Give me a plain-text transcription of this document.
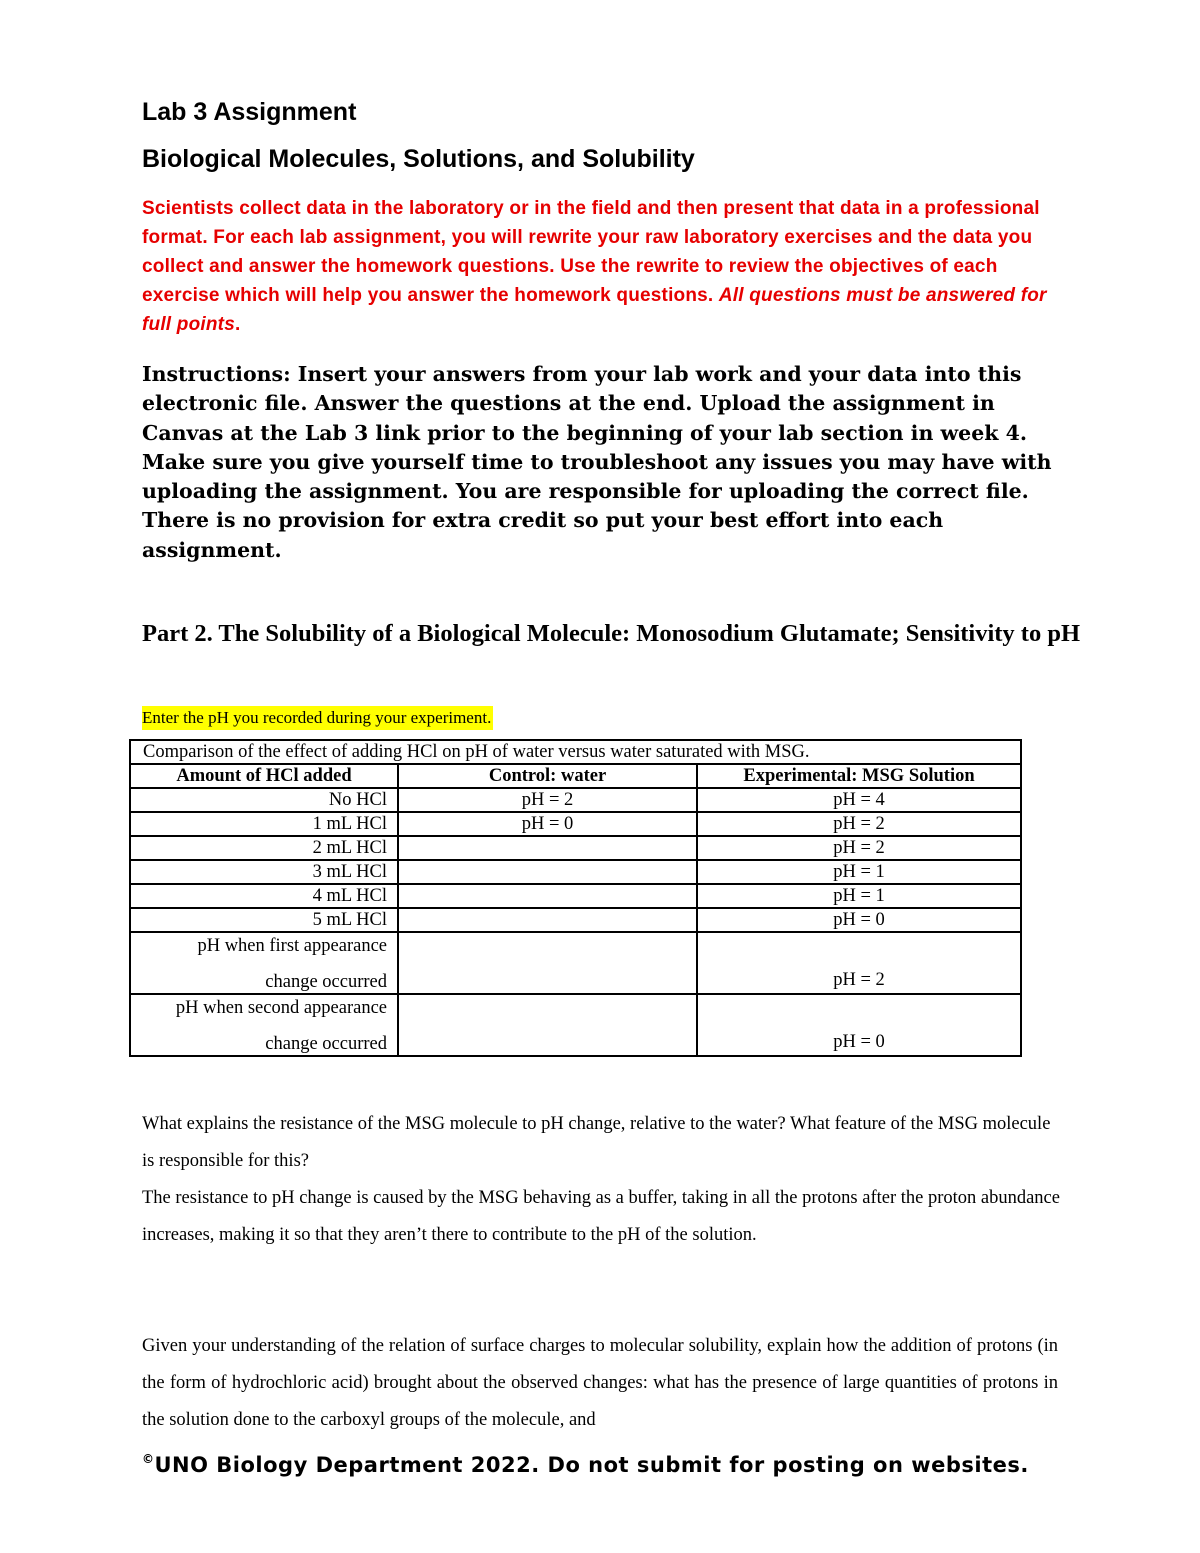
Lab 3 Assignment
Biological Molecules, Solutions, and Solubility

Scientists collect data in the laboratory or in the field and then present that data in a professional format. For each lab assignment, you will rewrite your raw laboratory exercises and the data you collect and answer the homework questions. Use the rewrite to review the objectives of each exercise which will help you answer the homework questions. All questions must be answered for full points.

Instructions: Insert your answers from your lab work and your data into this electronic file. Answer the questions at the end. Upload the assignment in Canvas at the Lab 3 link prior to the beginning of your lab section in week 4. Make sure you give yourself time to troubleshoot any issues you may have with uploading the assignment. You are responsible for uploading the correct file. There is no provision for extra credit so put your best effort into each assignment.

Part 2. The Solubility of a Biological Molecule: Monosodium Glutamate; Sensitivity to pH

Enter the pH you recorded during your experiment.

Comparison of the effect of adding HCl on pH of water versus water saturated with MSG.		
Amount of HCl added	Control: water	Experimental: MSG Solution
No HCl	pH = 2	pH = 4
1 mL HCl	pH = 0	pH = 2
2 mL HCl		pH = 2
3 mL HCl		pH = 1
4 mL HCl		pH = 1
5 mL HCl		pH = 0

pH when first appearance
change occurred		pH = 2

pH when second appearance
change occurred		pH = 0

What explains the resistance of the MSG molecule to pH change, relative to the water? What feature of the MSG molecule is responsible for this?

The resistance to pH change is caused by the MSG behaving as a buffer, taking in all the protons after the proton abundance increases, making it so that they aren’t there to contribute to the pH of the solution.

Given your understanding of the relation of surface charges to molecular solubility, explain how the addition of protons (in the form of hydrochloric acid) brought about the observed changes: what has the presence of large quantities of protons in the solution done to the carboxyl groups of the molecule, and

©UNO Biology Department 2022. Do not submit for posting on websites.
